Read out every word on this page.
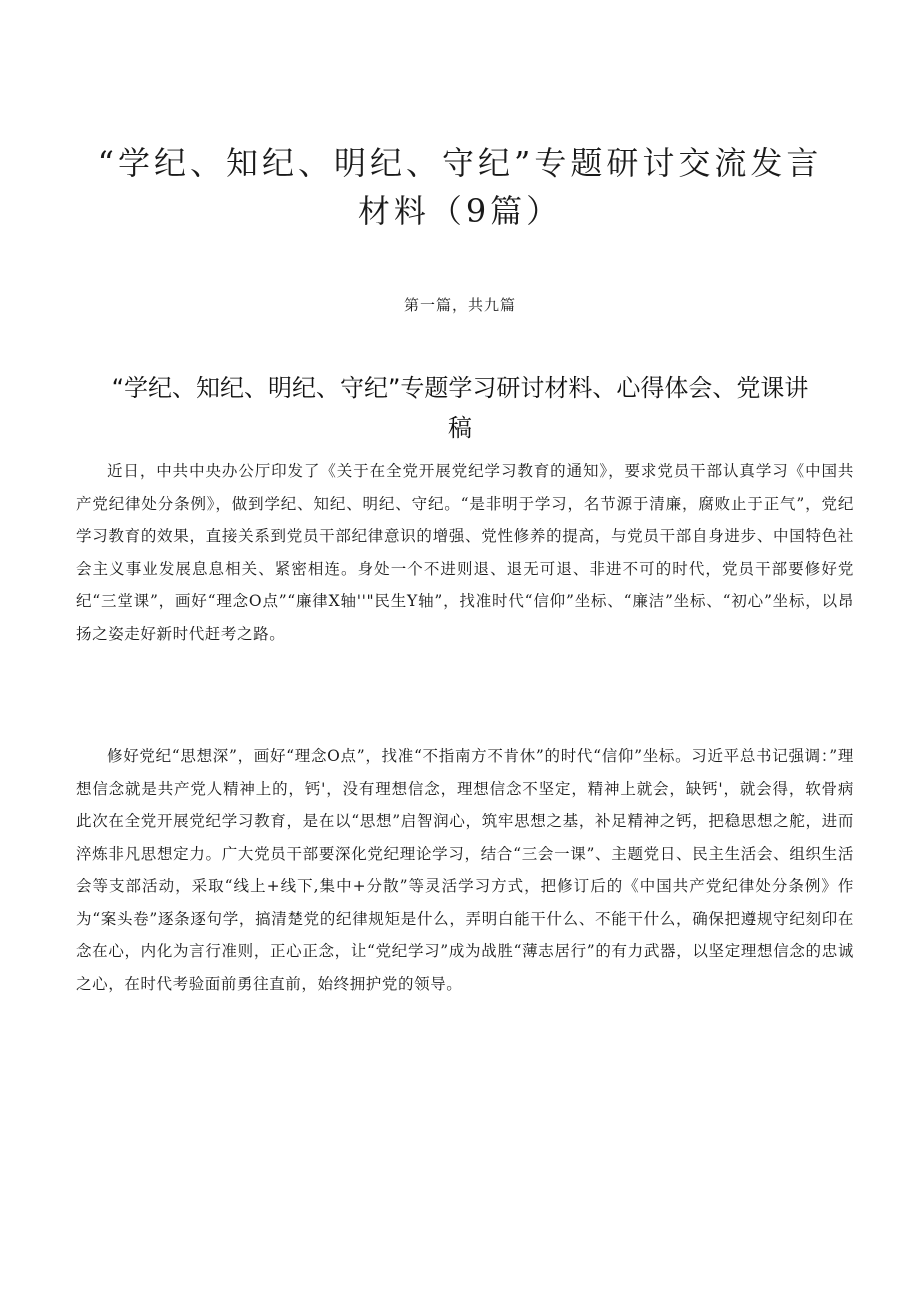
“学纪、知纪、明纪、守纪”专题研讨交流发言材料（9篇）
第一篇，共九篇
“学纪、知纪、明纪、守纪”专题学习研讨材料、心得体会、党课讲稿

近日，中共中央办公厅印发了《关于在全党开展党纪学习教育的通知》，要求党员干部认真学习《中国共产党纪律处分条例》，做到学纪、知纪、明纪、守纪。“是非明于学习，名节源于清廉，腐败止于正气”，党纪学习教育的效果，直接关系到党员干部纪律意识的增强、党性修养的提高，与党员干部自身进步、中国特色社会主义事业发展息息相关、紧密相连。身处一个不进则退、退无可退、非进不可的时代，党员干部要修好党纪“三堂课”，画好“理念O点”“廉律X轴''"民生Y轴”，找准时代“信仰”坐标、“廉洁”坐标、“初心”坐标，以昂扬之姿走好新时代赶考之路。

修好党纪“思想深”，画好“理念O点”，找准“不指南方不肯休”的时代“信仰”坐标。习近平总书记强调：”理想信念就是共产党人精神上的，钙'，没有理想信念，理想信念不坚定，精神上就会，缺钙'，就会得，软骨病此次在全党开展党纪学习教育，是在以“思想”启智润心，筑牢思想之基，补足精神之钙，把稳思想之舵，进而淬炼非凡思想定力。广大党员干部要深化党纪理论学习，结合“三会一课”、主题党日、民主生活会、组织生活会等支部活动，采取“线上+线下,集中+分散”等灵活学习方式，把修订后的《中国共产党纪律处分条例》作为“案头卷”逐条逐句学，搞清楚党的纪律规矩是什么，弄明白能干什么、不能干什么，确保把遵规守纪刻印在念在心，内化为言行准则，正心正念，让“党纪学习”成为战胜“薄志居行”的有力武器，以坚定理想信念的忠诚之心，在时代考验面前勇往直前，始终拥护党的领导。
